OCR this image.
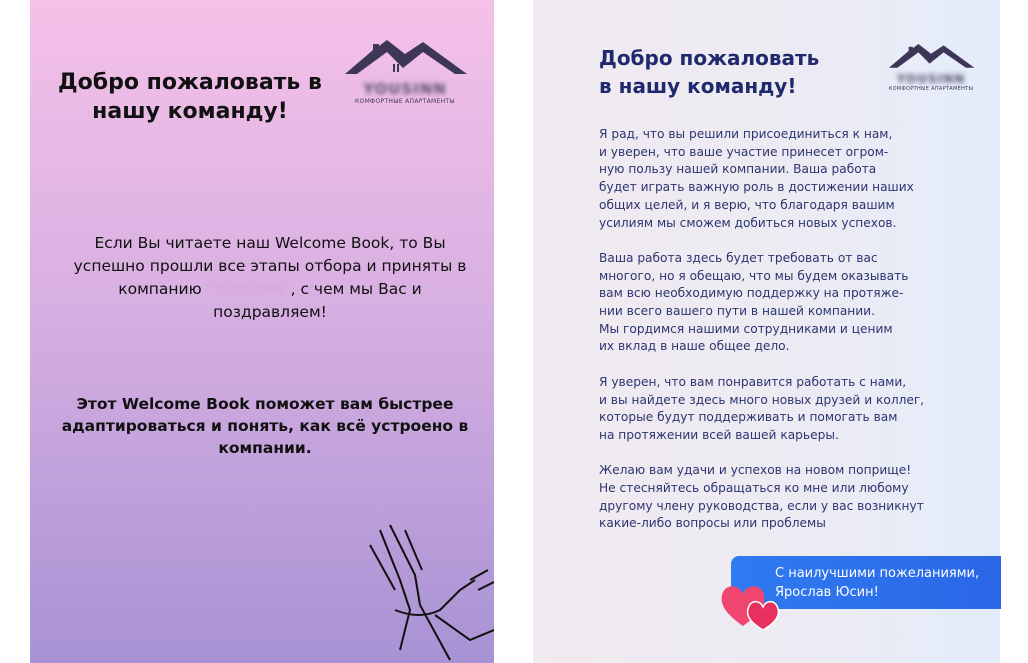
YOUSINN
КОМФОРТНЫЕ АПАРТАМЕНТЫ
Добро пожаловать в нашу команду!
Если Вы читаете наш Welcome Book, то Вы успешно прошли все этапы отбора и приняты в компанию "YOUSINN", с чем мы Вас и поздравляем!
Этот Welcome Book поможет вам быстрее адаптироваться и понять, как всё устроено в компании.
Добро пожаловать
в нашу команду!	YOUSINN
КОМФОРТНЫЕ АПАРТАМЕНТЫ

Я рад, что вы решили присоединиться к нам,
и уверен, что ваше участие принесет огром-
ную пользу нашей компании. Ваша работа
будет играть важную роль в достижении наших
общих целей, и я верю, что благодаря вашим
усилиям мы сможем добиться новых успехов.

Ваша работа здесь будет требовать от вас
многого, но я обещаю, что мы будем оказывать
вам всю необходимую поддержку на протяже-
нии всего вашего пути в нашей компании.
Мы гордимся нашими сотрудниками и ценим
их вклад в наше общее дело.

Я уверен, что вам понравится работать с нами,
и вы найдете здесь много новых друзей и коллег,
которые будут поддерживать и помогать вам
на протяжении всей вашей карьеры.

Желаю вам удачи и успехов на новом поприще!
Не стесняйтесь обращаться ко мне или любому
другому члену руководства, если у вас возникнут
какие-либо вопросы или проблемы

С наилучшими пожеланиями,
Ярослав Юсин!
